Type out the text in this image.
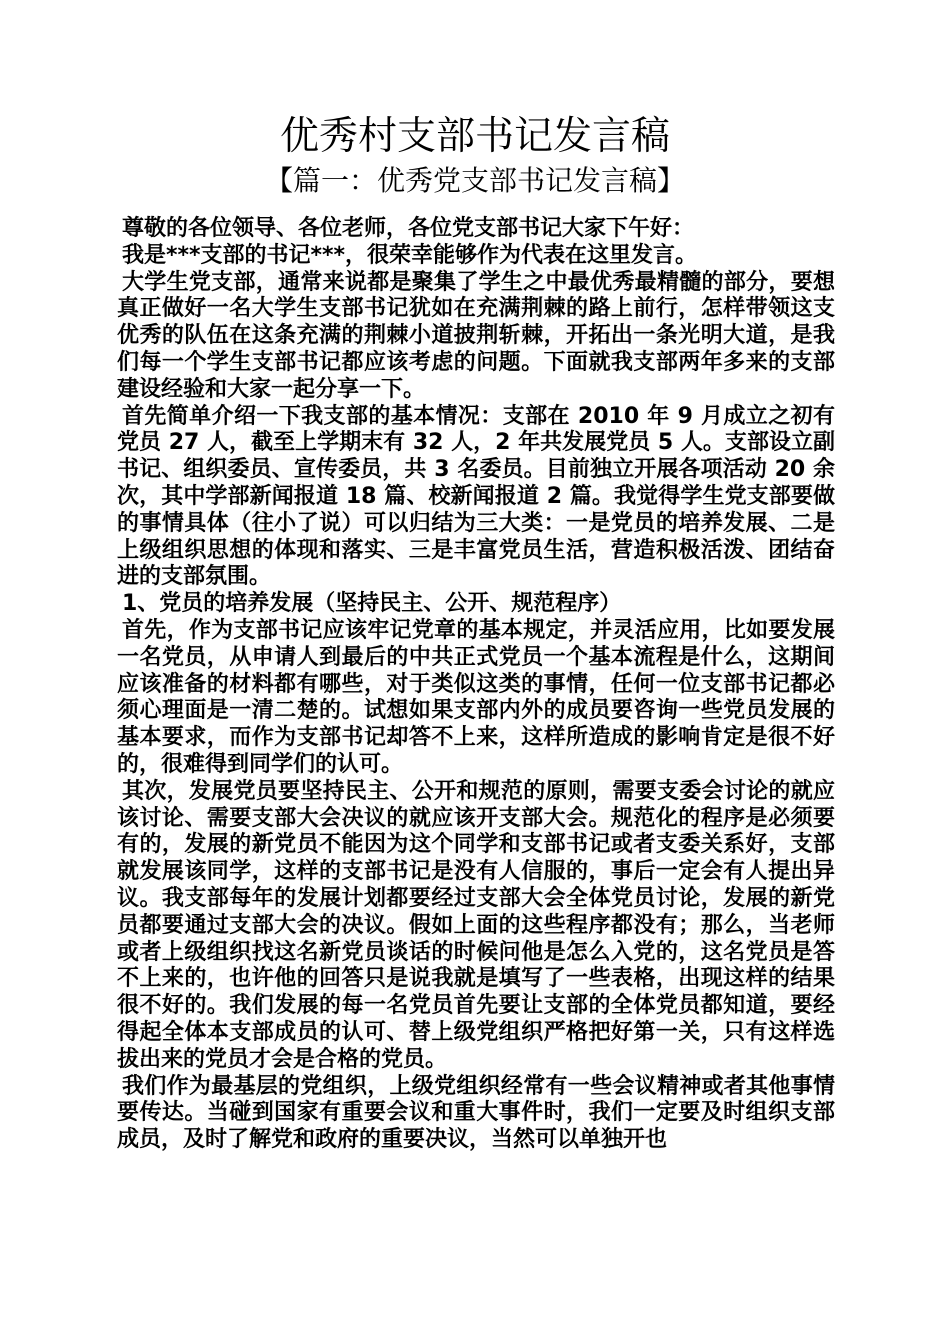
优秀村支部书记发言稿
【篇一：优秀党支部书记发言稿】

尊敬的各位领导、各位老师，各位党支部书记大家下午好：

我是***支部的书记***，很荣幸能够作为代表在这里发言。

大学生党支部，通常来说都是聚集了学生之中最优秀最精髓的部分，要想真正做好一名大学生支部书记犹如在充满荆棘的路上前行，怎样带领这支优秀的队伍在这条充满的荆棘小道披荆斩棘，开拓出一条光明大道，是我们每一个学生支部书记都应该考虑的问题。下面就我支部两年多来的支部建设经验和大家一起分享一下。

首先简单介绍一下我支部的基本情况：支部在 2010 年 9 月成立之初有党员 27 人，截至上学期末有 32 人，2 年共发展党员 5 人。支部设立副书记、组织委员、宣传委员，共 3 名委员。目前独立开展各项活动 20 余次，其中学部新闻报道 18 篇、校新闻报道 2 篇。我觉得学生党支部要做的事情具体（往小了说）可以归结为三大类：一是党员的培养发展、二是上级组织思想的体现和落实、三是丰富党员生活，营造积极活泼、团结奋进的支部氛围。

1、党员的培养发展（坚持民主、公开、规范程序）

首先，作为支部书记应该牢记党章的基本规定，并灵活应用，比如要发展一名党员，从申请人到最后的中共正式党员一个基本流程是什么，这期间应该准备的材料都有哪些，对于类似这类的事情，任何一位支部书记都必须心理面是一清二楚的。试想如果支部内外的成员要咨询一些党员发展的基本要求，而作为支部书记却答不上来，这样所造成的影响肯定是很不好的，很难得到同学们的认可。

其次，发展党员要坚持民主、公开和规范的原则，需要支委会讨论的就应该讨论、需要支部大会决议的就应该开支部大会。规范化的程序是必须要有的，发展的新党员不能因为这个同学和支部书记或者支委关系好，支部就发展该同学，这样的支部书记是没有人信服的，事后一定会有人提出异议。我支部每年的发展计划都要经过支部大会全体党员讨论，发展的新党员都要通过支部大会的决议。假如上面的这些程序都没有；那么，当老师或者上级组织找这名新党员谈话的时候问他是怎么入党的，这名党员是答不上来的，也许他的回答只是说我就是填写了一些表格，出现这样的结果很不好的。我们发展的每一名党员首先要让支部的全体党员都知道，要经得起全体本支部成员的认可、替上级党组织严格把好第一关，只有这样选拔出来的党员才会是合格的党员。

我们作为最基层的党组织，上级党组织经常有一些会议精神或者其他事情要传达。当碰到国家有重要会议和重大事件时，我们一定要及时组织支部成员，及时了解党和政府的重要决议，当然可以单独开也
